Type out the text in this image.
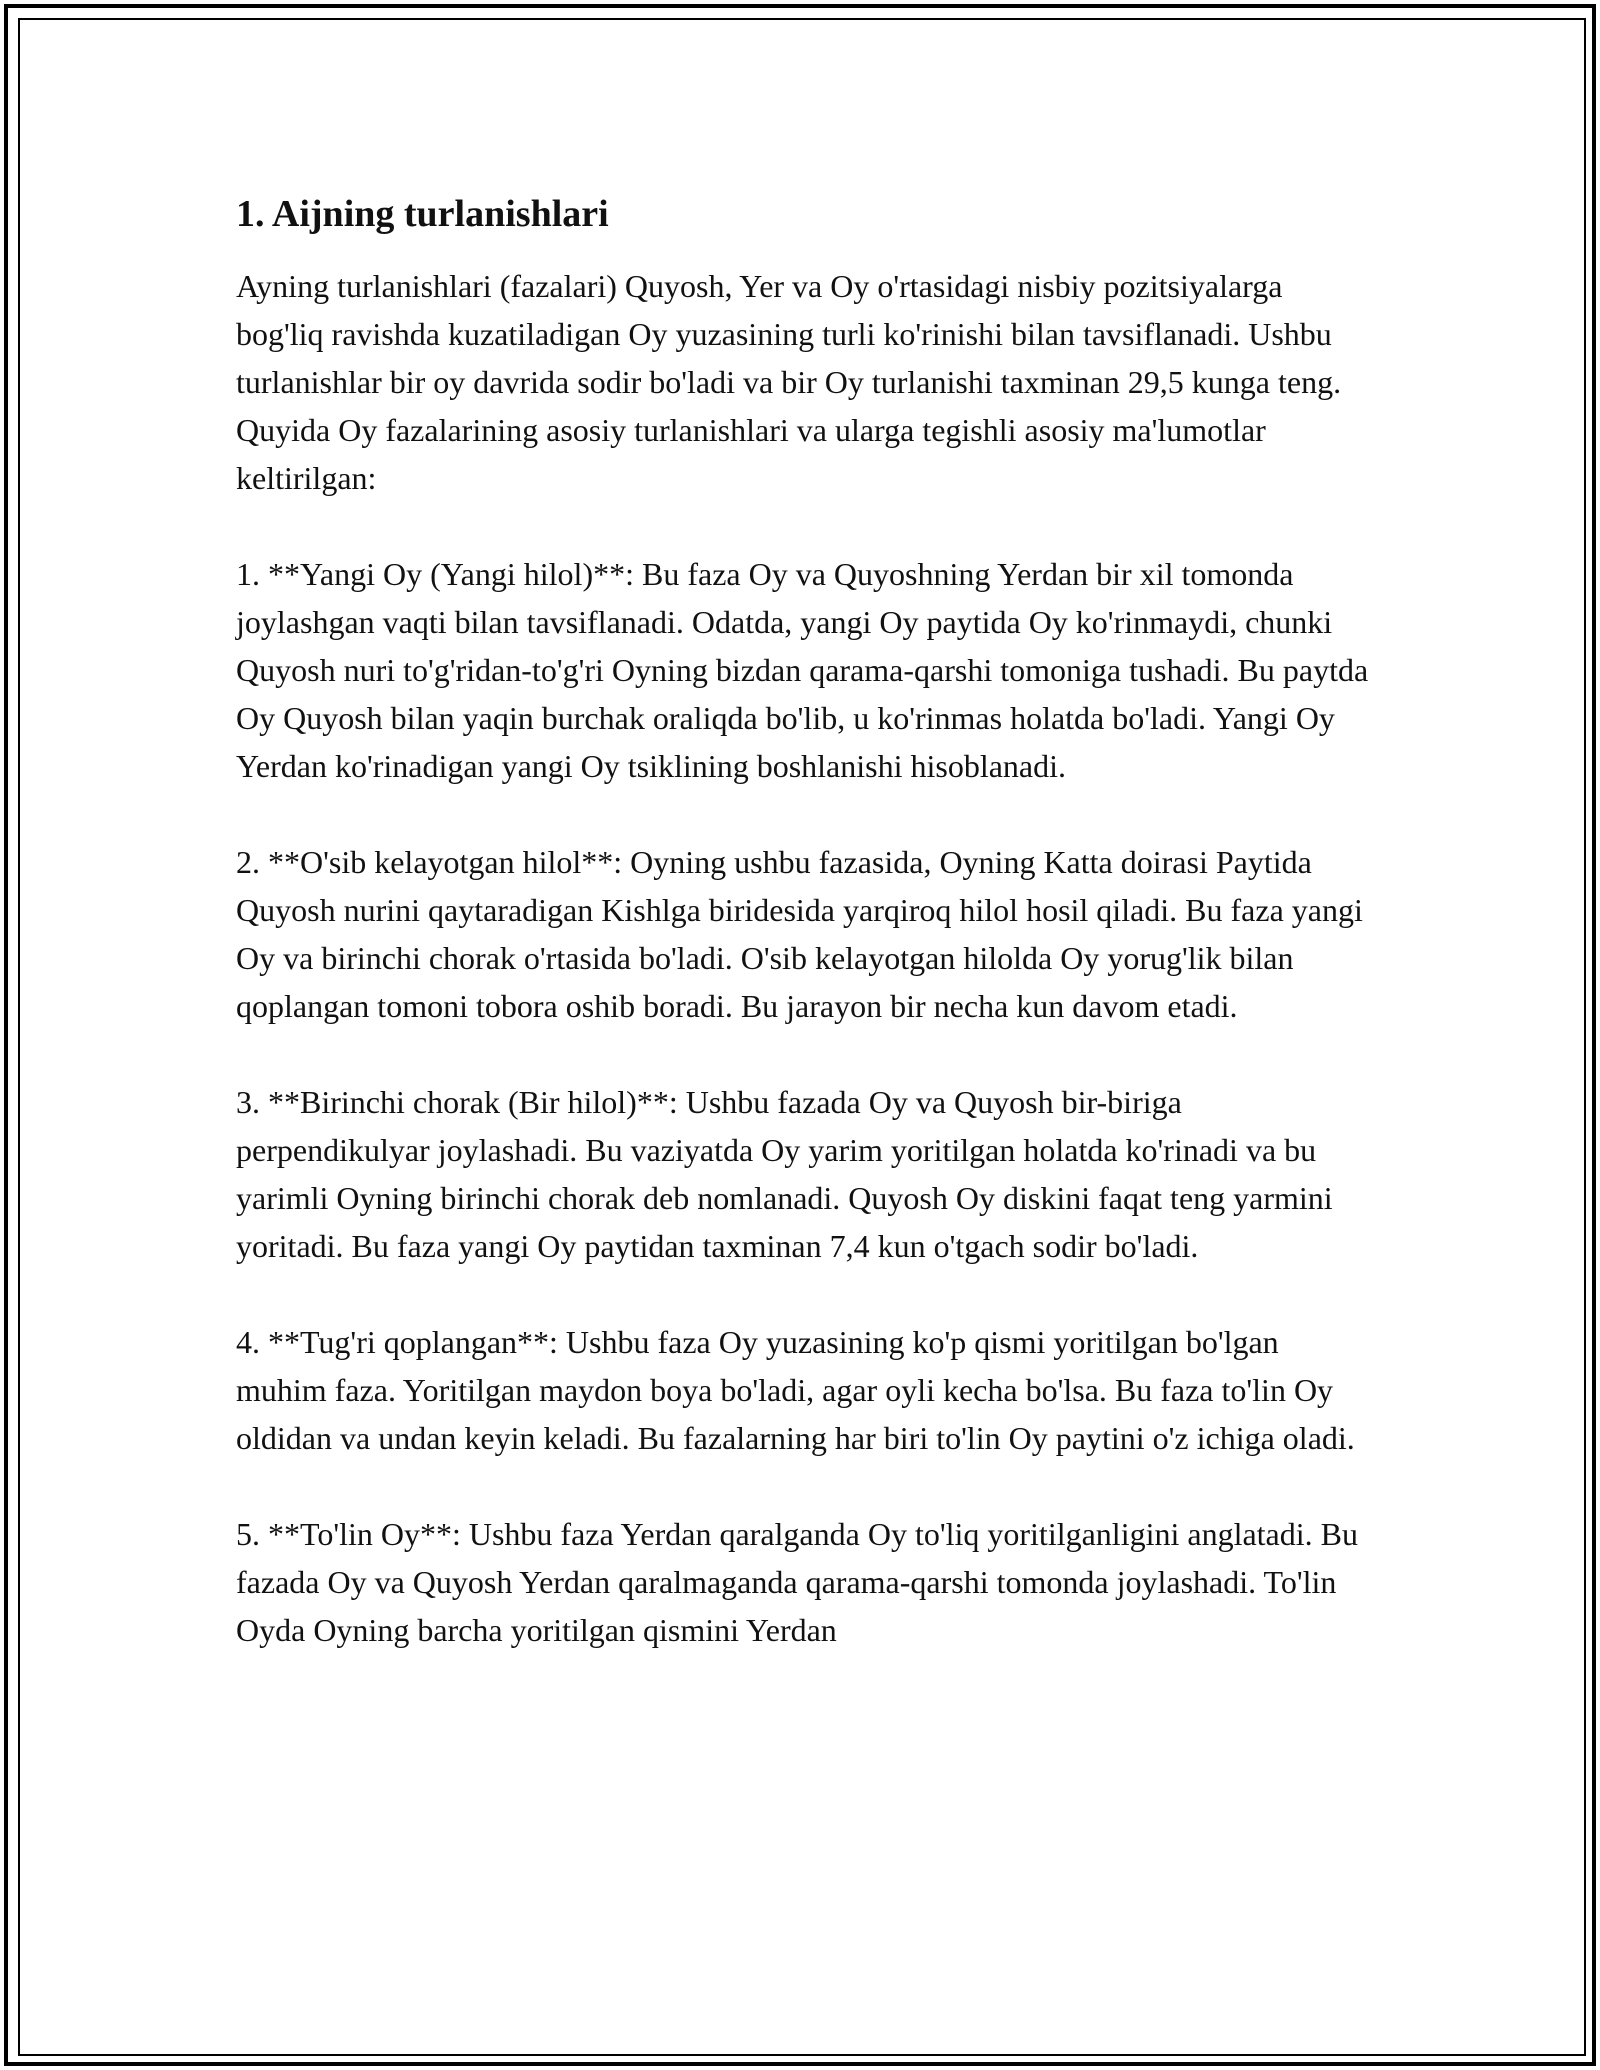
1. Aijning turlanishlari

Ayning turlanishlari (fazalari) Quyosh, Yer va Oy o'rtasidagi nisbiy pozitsiyalarga bog'liq ravishda kuzatiladigan Oy yuzasining turli ko'rinishi bilan tavsiflanadi. Ushbu turlanishlar bir oy davrida sodir bo'ladi va bir Oy turlanishi taxminan 29,5 kunga teng. Quyida Oy fazalarining asosiy turlanishlari va ularga tegishli asosiy ma'lumotlar keltirilgan:

1. **Yangi Oy (Yangi hilol)**: Bu faza Oy va Quyoshning Yerdan bir xil tomonda joylashgan vaqti bilan tavsiflanadi. Odatda, yangi Oy paytida Oy ko'rinmaydi, chunki Quyosh nuri to'g'ridan-to'g'ri Oyning bizdan qarama-qarshi tomoniga tushadi. Bu paytda Oy Quyosh bilan yaqin burchak oraliqda bo'lib, u ko'rinmas holatda bo'ladi. Yangi Oy Yerdan ko'rinadigan yangi Oy tsiklining boshlanishi hisoblanadi.

2. **O'sib kelayotgan hilol**: Oyning ushbu fazasida, Oyning Katta doirasi Paytida Quyosh nurini qaytaradigan Kishlga biridesida yarqiroq hilol hosil qiladi. Bu faza yangi Oy va birinchi chorak o'rtasida bo'ladi. O'sib kelayotgan hilolda Oy yorug'lik bilan qoplangan tomoni tobora oshib boradi. Bu jarayon bir necha kun davom etadi.

3. **Birinchi chorak (Bir hilol)**: Ushbu fazada Oy va Quyosh bir-biriga perpendikulyar joylashadi. Bu vaziyatda Oy yarim yoritilgan holatda ko'rinadi va bu yarimli Oyning birinchi chorak deb nomlanadi. Quyosh Oy diskini faqat teng yarmini yoritadi. Bu faza yangi Oy paytidan taxminan 7,4 kun o'tgach sodir bo'ladi.

4. **Tug'ri qoplangan**: Ushbu faza Oy yuzasining ko'p qismi yoritilgan bo'lgan muhim faza. Yoritilgan maydon boya bo'ladi, agar oyli kecha bo'lsa. Bu faza to'lin Oy oldidan va undan keyin keladi. Bu fazalarning har biri to'lin Oy paytini o'z ichiga oladi.

5. **To'lin Oy**: Ushbu faza Yerdan qaralganda Oy to'liq yoritilganligini anglatadi. Bu fazada Oy va Quyosh Yerdan qaralmaganda qarama-qarshi tomonda joylashadi. To'lin Oyda Oyning barcha yoritilgan qismini Yerdan
